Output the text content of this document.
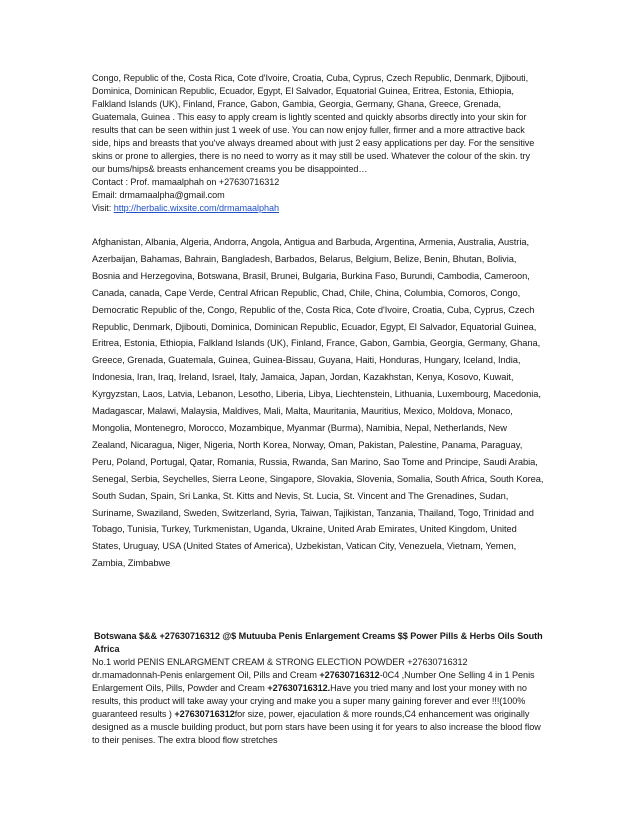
Congo, Republic of the, Costa Rica, Cote d'Ivoire, Croatia, Cuba, Cyprus, Czech Republic, Denmark, Djibouti, Dominica, Dominican Republic, Ecuador, Egypt, El Salvador, Equatorial Guinea, Eritrea, Estonia, Ethiopia, Falkland Islands (UK), Finland, France, Gabon, Gambia, Georgia, Germany, Ghana, Greece, Grenada, Guatemala, Guinea . This easy to apply cream is lightly scented and quickly absorbs directly into your skin for results that can be seen within just 1 week of use. You can now enjoy fuller, firmer and a more attractive back side, hips and breasts that you've always dreamed about with just 2 easy applications per day. For the sensitive skins or prone to allergies, there is no need to worry as it may still be used. Whatever the colour of the skin. try our bums/hips& breasts enhancement creams you be disappointed…

Contact : Prof. mamaalphah on +27630716312

Email: drmamaalpha@gmail.com

Visit: http://herbalic.wixsite.com/drmamaalphah

Afghanistan, Albania, Algeria, Andorra, Angola, Antigua and Barbuda, Argentina, Armenia, Australia, Austria, Azerbaijan, Bahamas, Bahrain, Bangladesh, Barbados, Belarus, Belgium, Belize, Benin, Bhutan, Bolivia, Bosnia and Herzegovina, Botswana, Brasil, Brunei, Bulgaria, Burkina Faso, Burundi, Cambodia, Cameroon, Canada, canada, Cape Verde, Central African Republic, Chad, Chile, China, Columbia, Comoros, Congo, Democratic Republic of the, Congo, Republic of the, Costa Rica, Cote d'Ivoire, Croatia, Cuba, Cyprus, Czech Republic, Denmark, Djibouti, Dominica, Dominican Republic, Ecuador, Egypt, El Salvador, Equatorial Guinea, Eritrea, Estonia, Ethiopia, Falkland Islands (UK), Finland, France, Gabon, Gambia, Georgia, Germany, Ghana, Greece, Grenada, Guatemala, Guinea, Guinea-Bissau, Guyana, Haiti, Honduras, Hungary, Iceland, India, Indonesia, Iran, Iraq, Ireland, Israel, Italy, Jamaica, Japan, Jordan, Kazakhstan, Kenya, Kosovo, Kuwait, Kyrgyzstan, Laos, Latvia, Lebanon, Lesotho, Liberia, Libya, Liechtenstein, Lithuania, Luxembourg, Macedonia, Madagascar, Malawi, Malaysia, Maldives, Mali, Malta, Mauritania, Mauritius, Mexico, Moldova, Monaco, Mongolia, Montenegro, Morocco, Mozambique, Myanmar (Burma), Namibia, Nepal, Netherlands, New Zealand, Nicaragua, Niger, Nigeria, North Korea, Norway, Oman, Pakistan, Palestine, Panama, Paraguay, Peru, Poland, Portugal, Qatar, Romania, Russia, Rwanda, San Marino, Sao Tome and Principe, Saudi Arabia, Senegal, Serbia, Seychelles, Sierra Leone, Singapore, Slovakia, Slovenia, Somalia, South Africa, South Korea, South Sudan, Spain, Sri Lanka, St. Kitts and Nevis, St. Lucia, St. Vincent and The Grenadines, Sudan, Suriname, Swaziland, Sweden, Switzerland, Syria, Taiwan, Tajikistan, Tanzania, Thailand, Togo, Trinidad and Tobago, Tunisia, Turkey, Turkmenistan, Uganda, Ukraine, United Arab Emirates, United Kingdom, United States, Uruguay, USA (United States of America), Uzbekistan, Vatican City, Venezuela, Vietnam, Yemen, Zambia, Zimbabwe

Botswana $&& +27630716312 @$ Mutuuba Penis Enlargement Creams $$ Power Pills & Herbs Oils South Africa

No.1 world PENIS ENLARGMENT CREAM & STRONG ELECTION POWDER +27630716312

dr.mamadonnah-Penis enlargement Oil, Pills and Cream +27630716312-0C4 ,Number One Selling 4 in 1 Penis Enlargement Oils, Pills, Powder and Cream +27630716312.Have you tried many and lost your money with no results, this product will take away your crying and make you a super many gaining forever and ever !!!(100% guaranteed results ) +27630716312for size, power, ejaculation & more rounds,C4 enhancement was originally designed as a muscle building product, but porn stars have been using it for years to also increase the blood flow to their penises. The extra blood flow stretches
